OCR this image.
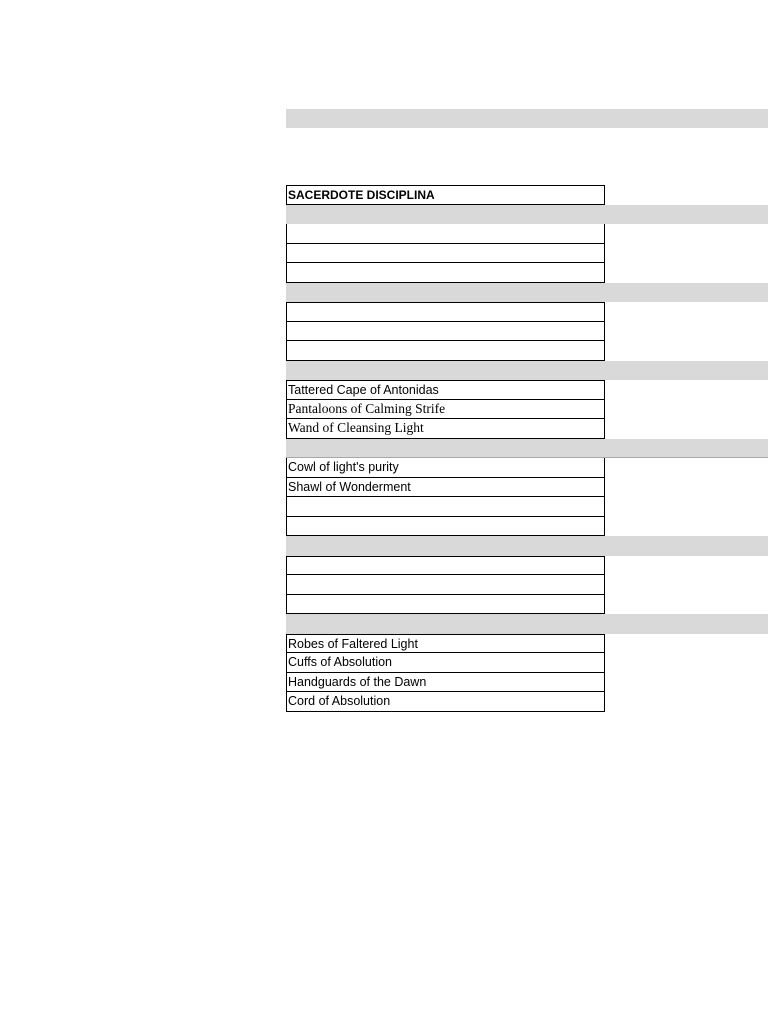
SACERDOTE DISCIPLINA
Tattered Cape of Antonidas
Pantaloons of Calming Strife
Wand of Cleansing Light
Cowl of light's purity
Shawl of Wonderment
Robes of Faltered Light
Cuffs of Absolution
Handguards of the Dawn
Cord of Absolution
